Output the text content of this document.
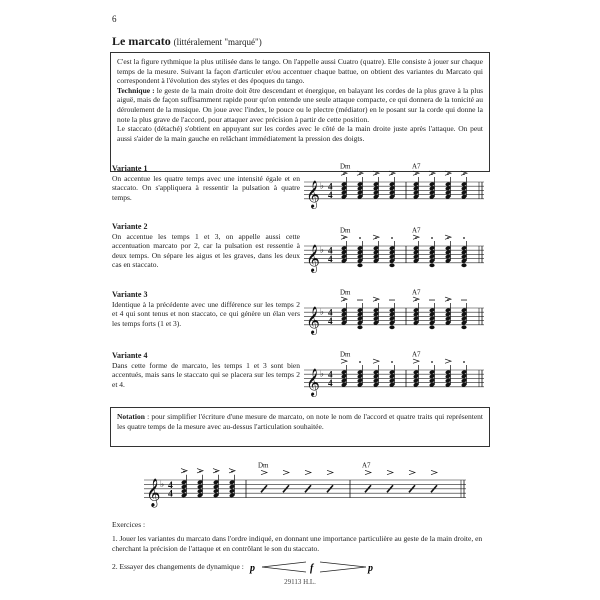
6
Le marcato (littéralement "marqué")

C'est la figure rythmique la plus utilisée dans le tango. On l'appelle aussi Cuatro (quatre). Elle consiste à jouer sur chaque temps de la mesure. Suivant la façon d'articuler et/ou accentuer chaque battue, on obtient des variantes du Marcato qui correspondent à l'évolution des styles et des époques du tango.

Technique : le geste de la main droite doit être descendant et énergique, en balayant les cordes de la plus grave à la plus aiguë, mais de façon suffisamment rapide pour qu'on entende une seule attaque compacte, ce qui donnera de la tonicité au déroulement de la musique. On joue avec l'index, le pouce ou le plectre (médiator) en le posant sur la corde qui donne la note la plus grave de l'accord, pour attaquer avec précision à partir de cette position.

Le staccato (détaché) s'obtient en appuyant sur les cordes avec le côté de la main droite juste après l'attaque. On peut aussi s'aider de la main gauche en relâchant immédiatement la pression des doigts.

Variante 1
On accentue les quatre temps avec une intensité égale et en staccato. On s'appliquera à ressentir la pulsation à quatre temps.
Variante 2
On accentue les temps 1 et 3, on appelle aussi cette accentuation marcato por 2, car la pulsation est ressentie à deux temps. On sépare les aigus et les graves, dans les deux cas en staccato.
Variante 3
Identique à la précédente avec une différence sur les temps 2 et 4 qui sont tenus et non staccato, ce qui génère un élan vers les temps forts (1 et 3).
Variante 4
Dans cette forme de marcato, les temps 1 et 3 sont bien accentués, mais sans le staccato qui se placera sur les temps 2 et 4.
𝄞 ♭ 4
4
Dm	A7
𝄞 ♭ 4
4
Dm	A7
𝄞 ♭ 4
4
Dm	A7
𝄞 ♭ 4
4
Dm	A7
Notation : pour simplifier l'écriture d'une mesure de marcato, on note le nom de l'accord et quatre traits qui représentent les quatre temps de la mesure avec au-dessus l'articulation souhaitée.
𝄞 ♭ 4
4
Dm	A7
Exercices :
1. Jouer les variantes du marcato dans l'ordre indiqué, en donnant une importance particulière au geste de la main droite, en cherchant la précision de l'attaque et en contrôlant le son du staccato.
2. Essayer des changements de dynamique : p	f	p
29113 H.L.
